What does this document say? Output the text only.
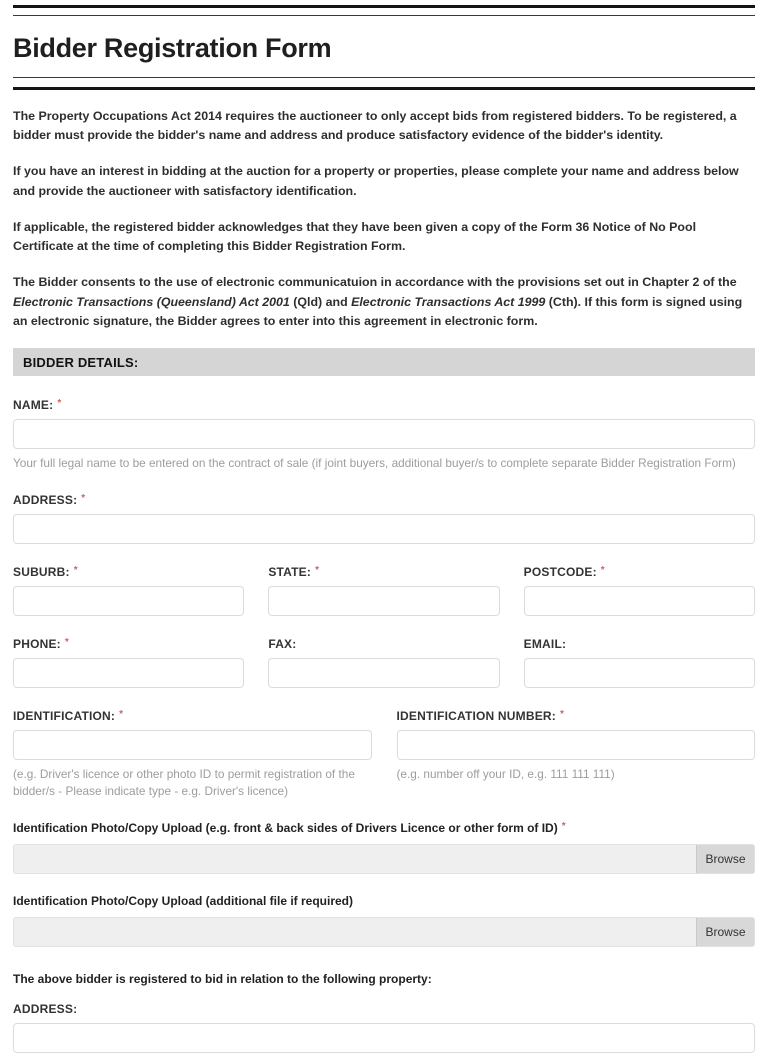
Bidder Registration Form

The Property Occupations Act 2014 requires the auctioneer to only accept bids from registered bidders. To be registered, a bidder must provide the bidder's name and address and produce satisfactory evidence of the bidder's identity.

If you have an interest in bidding at the auction for a property or properties, please complete your name and address below and provide the auctioneer with satisfactory identification.

If applicable, the registered bidder acknowledges that they have been given a copy of the Form 36 Notice of No Pool Certificate at the time of completing this Bidder Registration Form.

The Bidder consents to the use of electronic communicatuion in accordance with the provisions set out in Chapter 2 of the Electronic Transactions (Queensland) Act 2001 (Qld) and Electronic Transactions Act 1999 (Cth). If this form is signed using an electronic signature, the Bidder agrees to enter into this agreement in electronic form.

BIDDER DETAILS:
NAME: *
Your full legal name to be entered on the contract of sale (if joint buyers, additional buyer/s to complete separate Bidder Registration Form)
ADDRESS: *
SUBURB: *	STATE: *	POSTCODE: *
PHONE: *	FAX:	EMAIL:
IDENTIFICATION: *
(e.g. Driver's licence or other photo ID to permit registration of the bidder/s - Please indicate type - e.g. Driver's licence)
IDENTIFICATION NUMBER: *
(e.g. number off your ID, e.g. 111 111 111)
Identification Photo/Copy Upload (e.g. front & back sides of Drivers Licence or other form of ID) *
Browse
Identification Photo/Copy Upload (additional file if required)
Browse

The above bidder is registered to bid in relation to the following property:

ADDRESS:
